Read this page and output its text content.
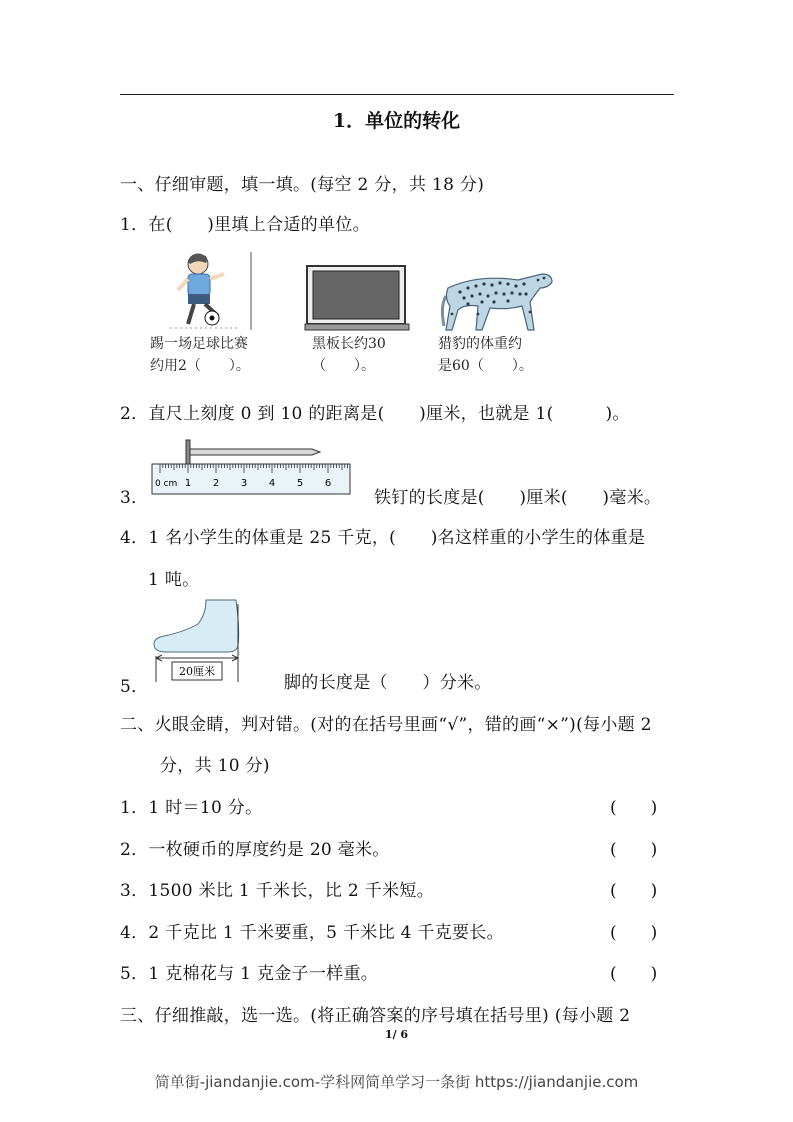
1．单位的转化
一、仔细审题，填一填。(每空 2 分，共 18 分)
1．在(　　)里填上合适的单位。
踢一场足球比赛
约用2（　　）。
黑板长约30
（　　）。
猎豹的体重约
是60（　　）。
2．直尺上刻度 0 到 10 的距离是(　　)厘米，也就是 1(　　　)。
3．
0 cm 1 2 3 4 5 6
铁钉的长度是(　　)厘米(　　)毫米。
4．1 名小学生的体重是 25 千克，(　　)名这样重的小学生的体重是
1 吨。
5．
20厘米
脚的长度是（　　）分米。
二、火眼金睛，判对错。(对的在括号里画“√”，错的画“×”)(每小题 2
分，共 10 分)
1．1 时＝10 分。	(　　)
2．一枚硬币的厚度约是 20 毫米。	(　　)
3．1500 米比 1 千米长，比 2 千米短。	(　　)
4．2 千克比 1 千米要重，5 千米比 4 千克要长。	(　　)
5．1 克棉花与 1 克金子一样重。	(　　)
三、仔细推敲，选一选。(将正确答案的序号填在括号里) (每小题 2
1/ 6
简单街-jiandanjie.com-学科网简单学习一条街 https://jiandanjie.com
